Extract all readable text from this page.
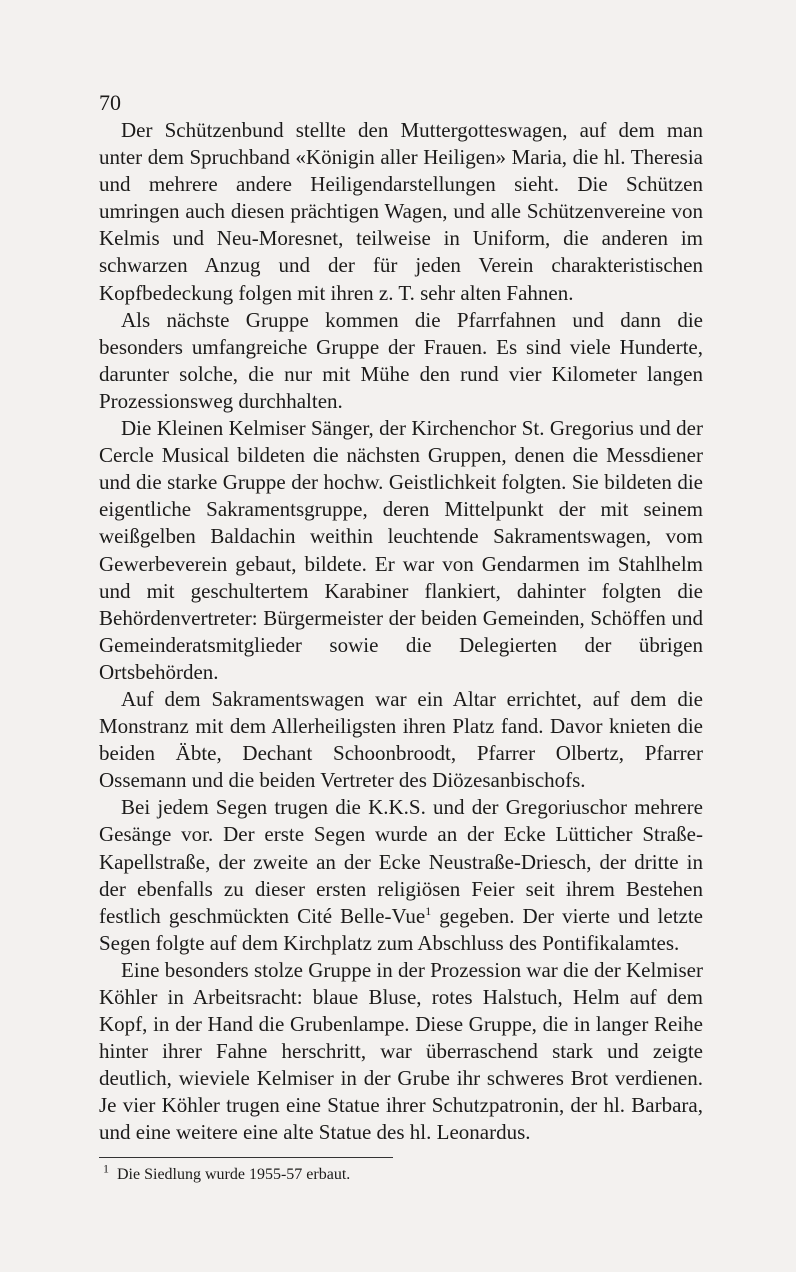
70

Der Schützenbund stellte den Muttergotteswagen, auf dem man unter dem Spruchband «Königin aller Heiligen» Maria, die hl. Theresia und mehrere andere Heiligendarstellungen sieht. Die Schützen umringen auch diesen prächtigen Wagen, und alle Schützenvereine von Kelmis und Neu-Moresnet, teilweise in Uniform, die anderen im schwarzen Anzug und der für jeden Verein charakteristischen Kopfbedeckung folgen mit ihren z. T. sehr alten Fahnen.

Als nächste Gruppe kommen die Pfarrfahnen und dann die besonders umfangreiche Gruppe der Frauen. Es sind viele Hunderte, darunter solche, die nur mit Mühe den rund vier Kilometer langen Prozessionsweg durchhalten.

Die Kleinen Kelmiser Sänger, der Kirchenchor St. Gregorius und der Cercle Musical bildeten die nächsten Gruppen, denen die Messdiener und die starke Gruppe der hochw. Geistlichkeit folgten. Sie bildeten die eigentliche Sakramentsgruppe, deren Mittelpunkt der mit seinem weißgelben Baldachin weithin leuchtende Sakramentswagen, vom Gewerbeverein gebaut, bildete. Er war von Gendarmen im Stahlhelm und mit geschultertem Karabiner flankiert, dahinter folgten die Behördenvertreter: Bürgermeister der beiden Gemeinden, Schöffen und Gemeinderatsmitglieder sowie die Delegierten der übrigen Ortsbehörden.

Auf dem Sakramentswagen war ein Altar errichtet, auf dem die Monstranz mit dem Allerheiligsten ihren Platz fand. Davor knieten die beiden Äbte, Dechant Schoonbroodt, Pfarrer Olbertz, Pfarrer Ossemann und die beiden Vertreter des Diözesanbischofs.

Bei jedem Segen trugen die K.K.S. und der Gregoriuschor mehrere Gesänge vor. Der erste Segen wurde an der Ecke Lütticher Straße-Kapellstraße, der zweite an der Ecke Neustraße-Driesch, der dritte in der ebenfalls zu dieser ersten religiösen Feier seit ihrem Bestehen festlich geschmückten Cité Belle-Vue$^1$ gegeben. Der vierte und letzte Segen folgte auf dem Kirchplatz zum Abschluss des Pontifikalamtes.

Eine besonders stolze Gruppe in der Prozession war die der Kelmiser Köhler in Arbeitsracht: blaue Bluse, rotes Halstuch, Helm auf dem Kopf, in der Hand die Grubenlampe. Diese Gruppe, die in langer Reihe hinter ihrer Fahne herschritt, war überraschend stark und zeigte deutlich, wieviele Kelmiser in der Grube ihr schweres Brot verdienen. Je vier Köhler trugen eine Statue ihrer Schutzpatronin, der hl. Barbara, und eine weitere eine alte Statue des hl. Leonardus.

$^1$ Die Siedlung wurde 1955-57 erbaut.
